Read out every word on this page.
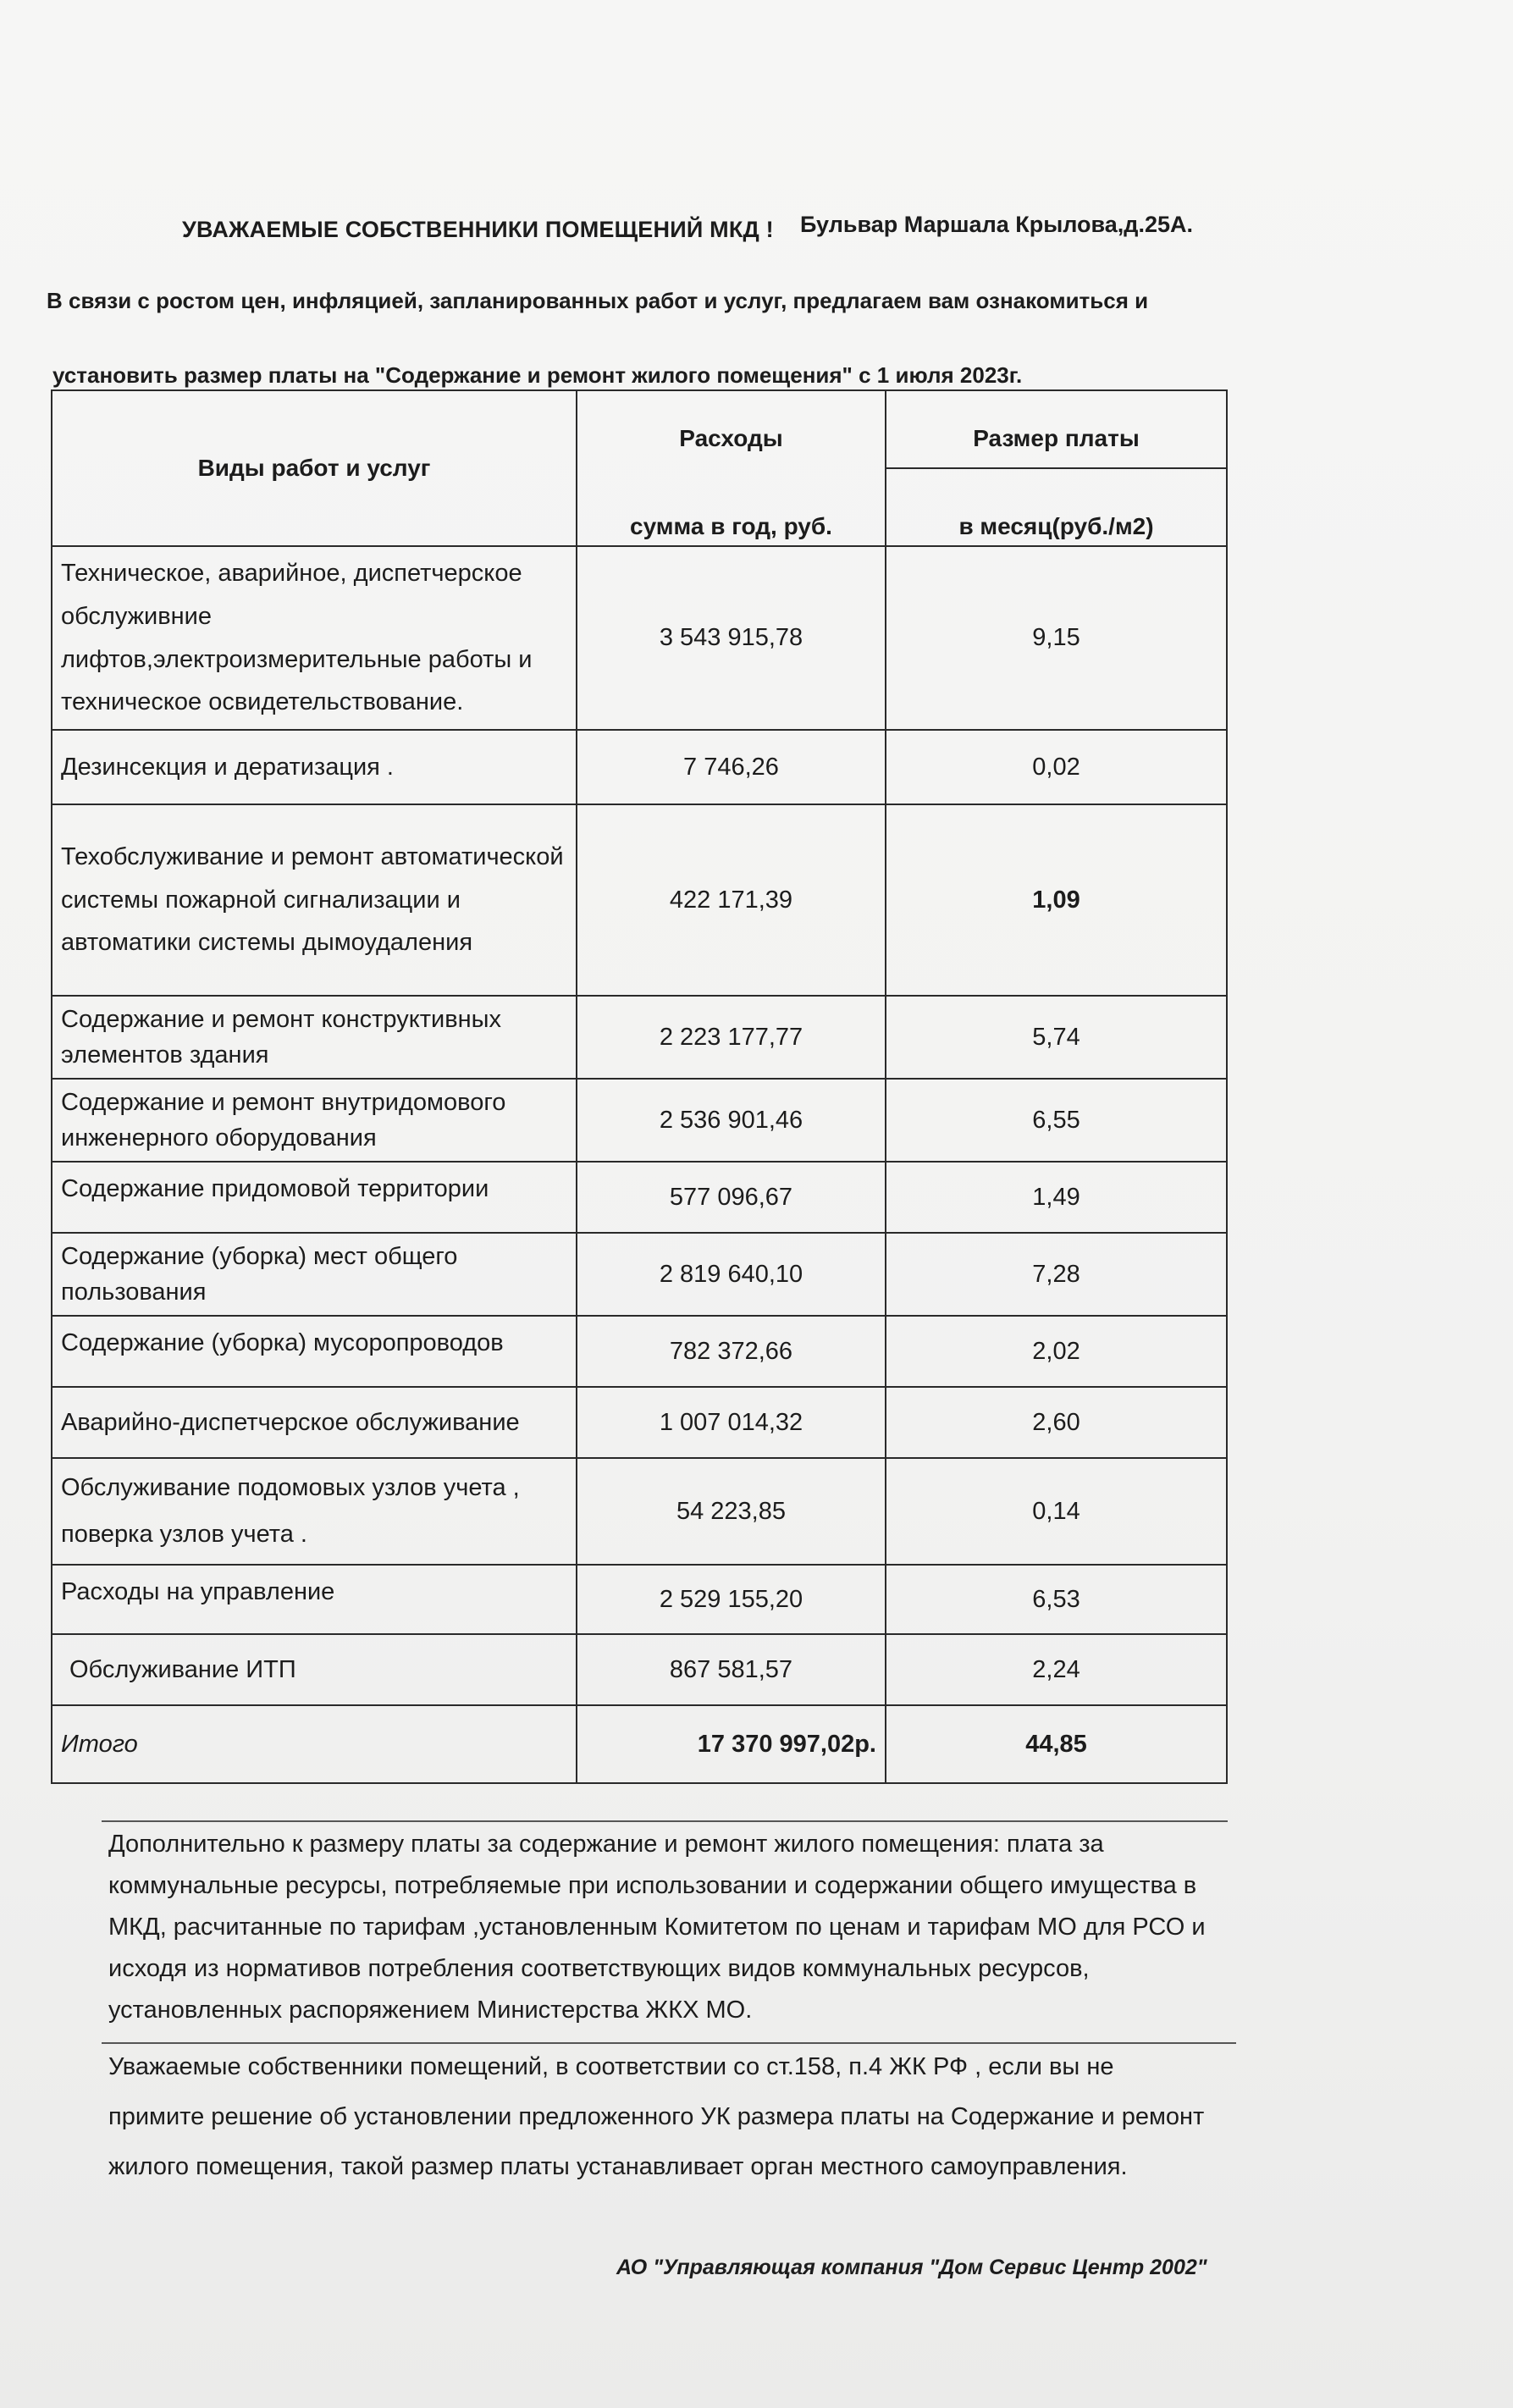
УВАЖАЕМЫЕ СОБСТВЕННИКИ ПОМЕЩЕНИЙ МКД ! Бульвар Маршала Крылова,д.25А.
В связи с ростом цен, инфляцией, запланированных работ и услуг, предлагаем вам ознакомиться и
установить размер платы на "Содержание и ремонт жилого помещения" с 1 июля 2023г.
Виды работ и услуг	Расходы	Размер платы
	сумма в год, руб.	в месяц(руб./м2)
Техническое, аварийное, диспетчерское обслуживние лифтов,электроизмерительные работы и техническое освидетельствование.	3 543 915,78	9,15
Дезинсекция и дератизация .	7 746,26	0,02
Техобслуживание и ремонт автоматической системы пожарной сигнализации и автоматики системы дымоудаления	422 171,39	1,09
Содержание и ремонт конструктивных элементов здания	2 223 177,77	5,74
Содержание и ремонт внутридомового инженерного оборудования	2 536 901,46	6,55
Содержание придомовой территории	577 096,67	1,49
Содержание (уборка) мест общего пользования	2 819 640,10	7,28
Содержание (уборка) мусоропроводов	782 372,66	2,02
Аварийно-диспетчерское обслуживание	1 007 014,32	2,60
Обслуживание подомовых узлов учета , поверка узлов учета .	54 223,85	0,14
Расходы на управление	2 529 155,20	6,53
Обслуживание ИТП	867 581,57	2,24
Итого	17 370 997,02р.	44,85
Дополнительно к размеру платы за содержание и ремонт жилого помещения: плата за коммунальные ресурсы, потребляемые при использовании и содержании общего имущества в МКД, расчитанные по тарифам ,установленным Комитетом по ценам и тарифам МО для РСО и исходя из нормативов потребления соответствующих видов коммунальных ресурсов, установленных распоряжением Министерства ЖКХ МО.
Уважаемые собственники помещений, в соответствии со ст.158, п.4 ЖК РФ , если вы не примите решение об установлении предложенного УК размера платы на Содержание и ремонт жилого помещения, такой размер платы устанавливает орган местного самоуправления.
АО "Управляющая компания "Дом Сервис Центр 2002"
